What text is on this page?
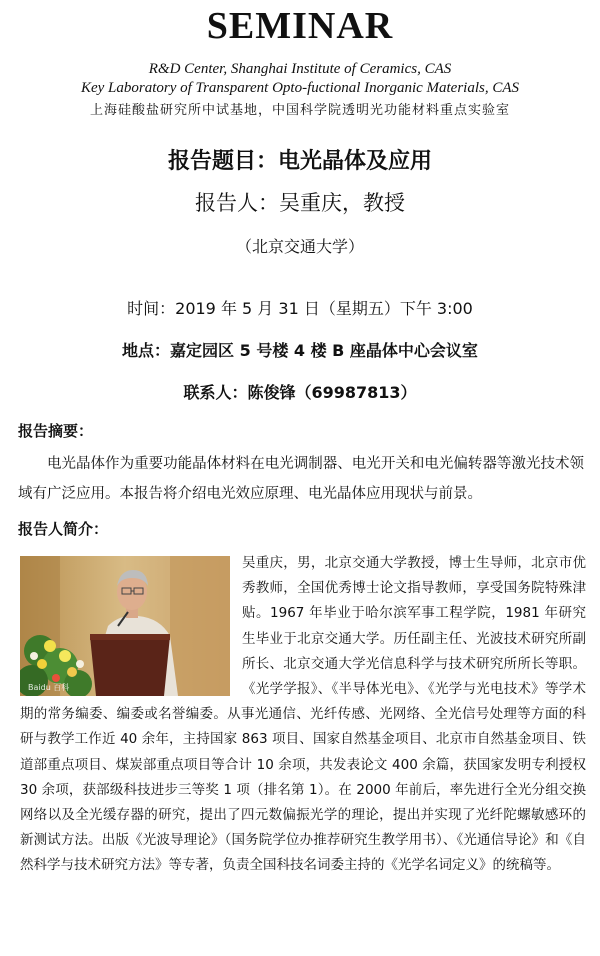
SEMINAR
R&D Center, Shanghai Institute of Ceramics, CAS
Key Laboratory of Transparent Opto-fuctional Inorganic Materials, CAS
上海硅酸盐研究所中试基地，中国科学院透明光功能材料重点实验室
报告题目：电光晶体及应用
报告人：吴重庆，教授
（北京交通大学）
时间：2019 年 5 月 31 日（星期五）下午 3:00
地点：嘉定园区 5 号楼 4 楼 B 座晶体中心会议室
联系人：陈俊锋（69987813）
报告摘要：

电光晶体作为重要功能晶体材料在电光调制器、电光开关和电光偏转器等激光技术领域有广泛应用。本报告将介绍电光效应原理、电光晶体应用现状与前景。

报告人简介：

吴重庆，男，北京交通大学教授，博士生导师，北京市优秀教师，全国优秀博士论文指导教师，享受国务院特殊津贴。1967 年毕业于哈尔滨军事工程学院，1981 年研究生毕业于北京交通大学。历任副主任、光波技术研究所副所长、北京交通大学光信息科学与技术研究所所长等职。《光学学报》、《半导体光电》、《光学与光电技术》等学术期的常务编委、编委或名誉编委。从事光通信、光纤传感、光网络、全光信号处理等方面的科研与教学工作近 40 余年，主持国家 863 项目、国家自然基金项目、北京市自然基金项目、铁道部重点项目、煤炭部重点项目等合计 10 余项，共发表论文 400 余篇，获国家发明专利授权 30 余项，获部级科技进步三等奖 1 项（排名第 1）。在 2000 年前后，率先进行全光分组交换网络以及全光缓存器的研究，提出了四元数偏振光学的理论，提出并实现了光纤陀螺敏感环的新测试方法。出版《光波导理论》（国务院学位办推荐研究生教学用书）、《光通信导论》和《自然科学与技术研究方法》等专著，负责全国科技名词委主持的《光学名词定义》的统稿等。

Baidu 百科
